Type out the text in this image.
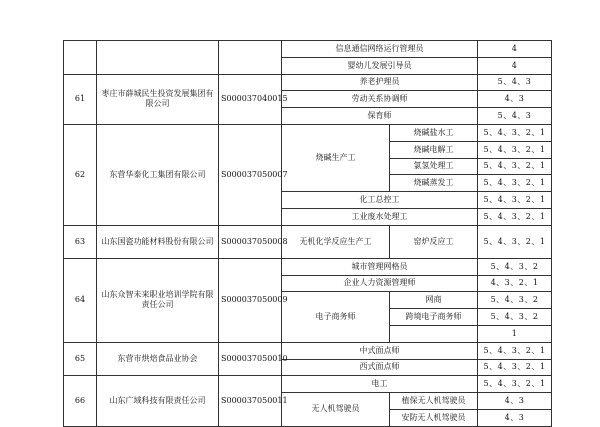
			信息通信网络运行管理员		4
			婴幼儿发展引导员		4
61	枣庄市薛城民生投资发展集团有限公司	S000037040015	养老护理员		5、4、3
			劳动关系协调师		4、3
			保育师		5、4、3
62	东营华泰化工集团有限公司	S000037050007	烧碱生产工	烧碱盐水工	5、4、3、2、1
				烧碱电解工	5、4、3、2、1
				氯氢处理工	5、4、3、2、1
				烧碱蒸发工	5、4、3、2、1
			化工总控工		5、4、3、2、1
			工业废水处理工		5、4、3、2、1
63	山东国瓷功能材料股份有限公司	S000037050008	无机化学反应生产工	窑炉反应工	5、4、3、2、1
64	山东众智未来职业培训学院有限责任公司	S000037050009	城市管理网格员		5、4、3、2
			企业人力资源管理师		4、3、2、1
			电子商务师	网商	5、4、3、2
				跨境电子商务师	5、4、3、2
					1
65	东营市烘焙食品业协会	S000037050010	中式面点师		5、4、3、2、1
			西式面点师		5、4、3、2、1
66	山东广域科技有限责任公司	S000037050011	电工		5、4、3、2、1
			无人机驾驶员	植保无人机驾驶员	4、3
				安防无人机驾驶员	4、3
